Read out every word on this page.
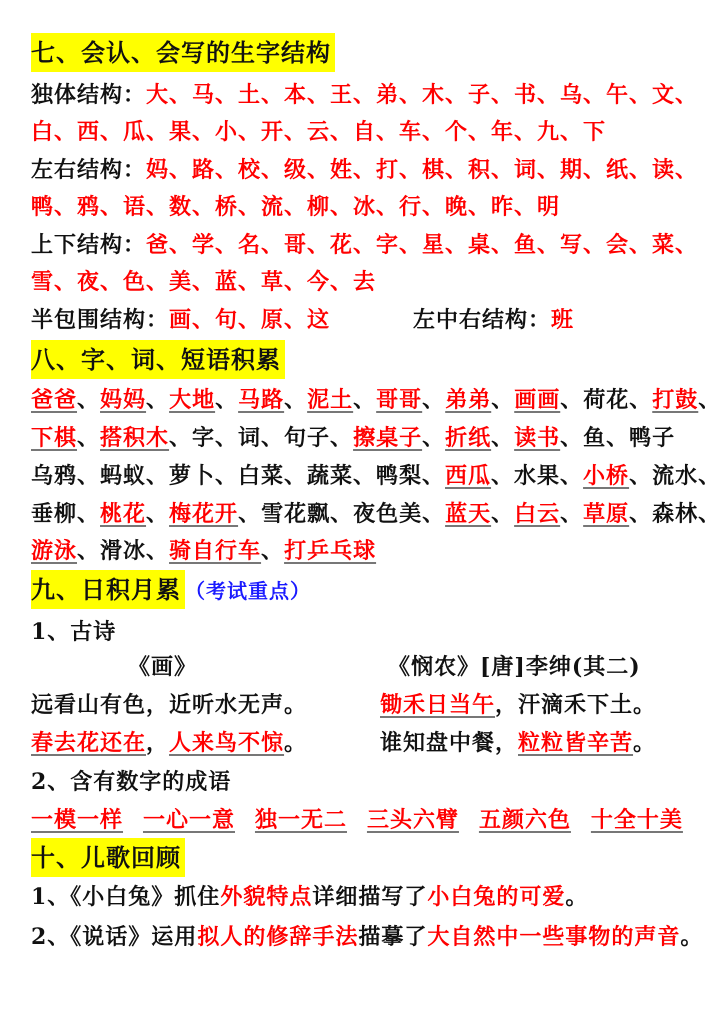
七、会认、会写的生字结构
独体结构：大、马、土、本、王、弟、木、子、书、乌、午、文、
白、西、瓜、果、小、开、云、自、车、个、年、九、下
左右结构：妈、路、校、级、姓、打、棋、积、词、期、纸、读、
鸭、鸦、语、数、桥、流、柳、冰、行、晚、昨、明
上下结构：爸、学、名、哥、花、字、星、桌、鱼、写、会、菜、
雪、夜、色、美、蓝、草、今、去
半包围结构：画、句、原、这	左中右结构：班
八、字、词、短语积累
爸爸、妈妈、大地、马路、泥土、哥哥、弟弟、画画、荷花、打鼓、
下棋、搭积木、字、词、句子、擦桌子、折纸、读书、鱼、鸭子
乌鸦、蚂蚁、萝卜、白菜、蔬菜、鸭梨、西瓜、水果、小桥、流水、
垂柳、桃花、梅花开、雪花飘、夜色美、蓝天、白云、草原、森林、
游泳、滑冰、骑自行车、打乒乓球
九、日积月累 （考试重点）
1、古诗
《画》	《悯农》[唐]李绅(其二)
远看山有色，近听水无声。
春去花还在，人来鸟不惊。
锄禾日当午，汗滴禾下土。
谁知盘中餐，粒粒皆辛苦。
2、含有数字的成语
一模一样 一心一意 独一无二 三头六臂 五颜六色 十全十美
十、儿歌回顾
1、《小白兔》抓住外貌特点详细描写了小白兔的可爱。
2、《说话》运用拟人的修辞手法描摹了大自然中一些事物的声音。
